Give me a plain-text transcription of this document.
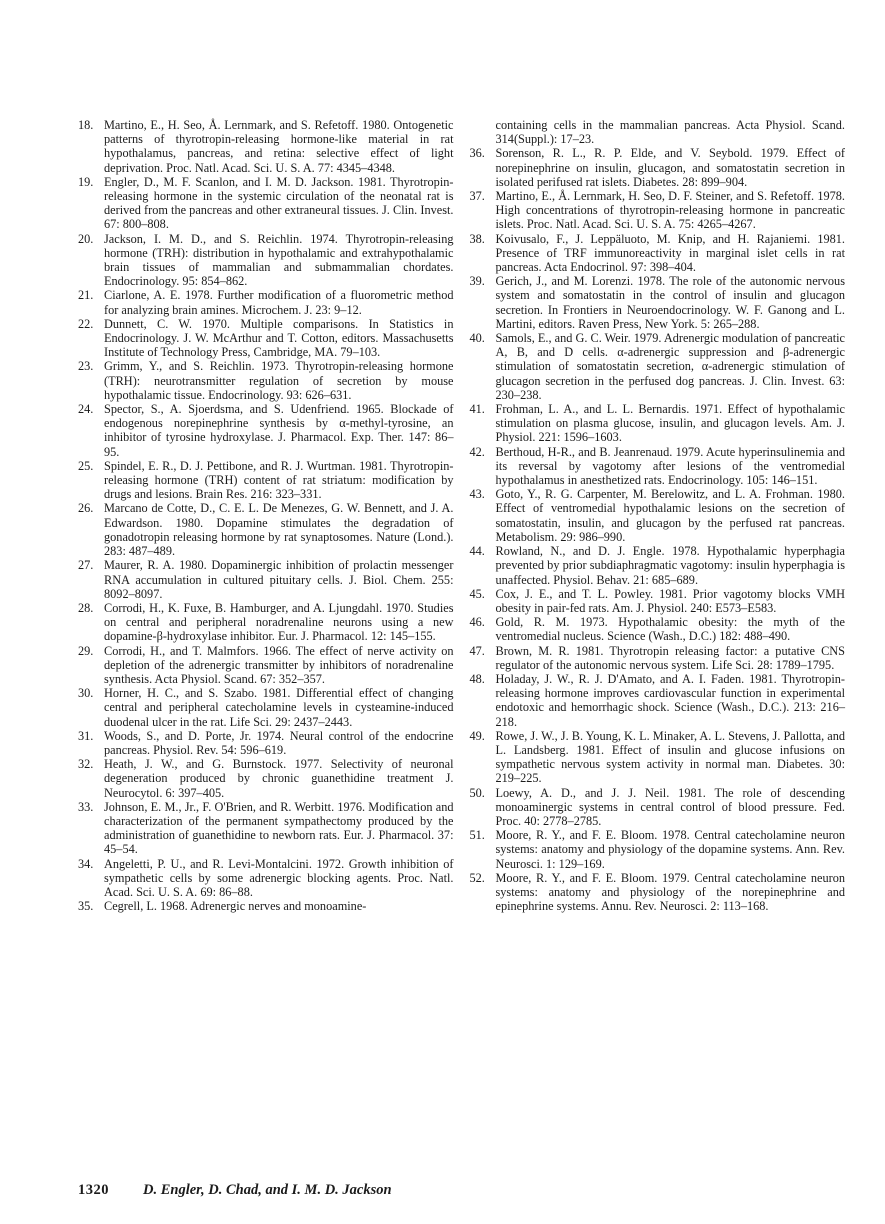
18. Martino, E., H. Seo, Å. Lernmark, and S. Refetoff. 1980. Ontogenetic patterns of thyrotropin-releasing hormone-like material in rat hypothalamus, pancreas, and retina: selective effect of light deprivation. Proc. Natl. Acad. Sci. U. S. A. 77: 4345–4348.
19. Engler, D., M. F. Scanlon, and I. M. D. Jackson. 1981. Thyrotropin-releasing hormone in the systemic circulation of the neonatal rat is derived from the pancreas and other extraneural tissues. J. Clin. Invest. 67: 800–808.
20. Jackson, I. M. D., and S. Reichlin. 1974. Thyrotropin-releasing hormone (TRH): distribution in hypothalamic and extrahypothalamic brain tissues of mammalian and submammalian chordates. Endocrinology. 95: 854–862.
21. Ciarlone, A. E. 1978. Further modification of a fluorometric method for analyzing brain amines. Microchem. J. 23: 9–12.
22. Dunnett, C. W. 1970. Multiple comparisons. In Statistics in Endocrinology. J. W. McArthur and T. Cotton, editors. Massachusetts Institute of Technology Press, Cambridge, MA. 79–103.
23. Grimm, Y., and S. Reichlin. 1973. Thyrotropin-releasing hormone (TRH): neurotransmitter regulation of secretion by mouse hypothalamic tissue. Endocrinology. 93: 626–631.
24. Spector, S., A. Sjoerdsma, and S. Udenfriend. 1965. Blockade of endogenous norepinephrine synthesis by α-methyl-tyrosine, an inhibitor of tyrosine hydroxylase. J. Pharmacol. Exp. Ther. 147: 86–95.
25. Spindel, E. R., D. J. Pettibone, and R. J. Wurtman. 1981. Thyrotropin-releasing hormone (TRH) content of rat striatum: modification by drugs and lesions. Brain Res. 216: 323–331.
26. Marcano de Cotte, D., C. E. L. De Menezes, G. W. Bennett, and J. A. Edwardson. 1980. Dopamine stimulates the degradation of gonadotropin releasing hormone by rat synaptosomes. Nature (Lond.). 283: 487–489.
27. Maurer, R. A. 1980. Dopaminergic inhibition of prolactin messenger RNA accumulation in cultured pituitary cells. J. Biol. Chem. 255: 8092–8097.
28. Corrodi, H., K. Fuxe, B. Hamburger, and A. Ljungdahl. 1970. Studies on central and peripheral noradrenaline neurons using a new dopamine-β-hydroxylase inhibitor. Eur. J. Pharmacol. 12: 145–155.
29. Corrodi, H., and T. Malmfors. 1966. The effect of nerve activity on depletion of the adrenergic transmitter by inhibitors of noradrenaline synthesis. Acta Physiol. Scand. 67: 352–357.
30. Horner, H. C., and S. Szabo. 1981. Differential effect of changing central and peripheral catecholamine levels in cysteamine-induced duodenal ulcer in the rat. Life Sci. 29: 2437–2443.
31. Woods, S., and D. Porte, Jr. 1974. Neural control of the endocrine pancreas. Physiol. Rev. 54: 596–619.
32. Heath, J. W., and G. Burnstock. 1977. Selectivity of neuronal degeneration produced by chronic guanethidine treatment J. Neurocytol. 6: 397–405.
33. Johnson, E. M., Jr., F. O'Brien, and R. Werbitt. 1976. Modification and characterization of the permanent sympathectomy produced by the administration of guanethidine to newborn rats. Eur. J. Pharmacol. 37: 45–54.
34. Angeletti, P. U., and R. Levi-Montalcini. 1972. Growth inhibition of sympathetic cells by some adrenergic blocking agents. Proc. Natl. Acad. Sci. U. S. A. 69: 86–88.
35. Cegrell, L. 1968. Adrenergic nerves and monoamine-
containing cells in the mammalian pancreas. Acta Physiol. Scand. 314(Suppl.): 17–23.
36. Sorenson, R. L., R. P. Elde, and V. Seybold. 1979. Effect of norepinephrine on insulin, glucagon, and somatostatin secretion in isolated perifused rat islets. Diabetes. 28: 899–904.
37. Martino, E., Å. Lernmark, H. Seo, D. F. Steiner, and S. Refetoff. 1978. High concentrations of thyrotropin-releasing hormone in pancreatic islets. Proc. Natl. Acad. Sci. U. S. A. 75: 4265–4267.
38. Koivusalo, F., J. Leppäluoto, M. Knip, and H. Rajaniemi. 1981. Presence of TRF immunoreactivity in marginal islet cells in rat pancreas. Acta Endocrinol. 97: 398–404.
39. Gerich, J., and M. Lorenzi. 1978. The role of the autonomic nervous system and somatostatin in the control of insulin and glucagon secretion. In Frontiers in Neuroendocrinology. W. F. Ganong and L. Martini, editors. Raven Press, New York. 5: 265–288.
40. Samols, E., and G. C. Weir. 1979. Adrenergic modulation of pancreatic A, B, and D cells. α-adrenergic suppression and β-adrenergic stimulation of somatostatin secretion, α-adrenergic stimulation of glucagon secretion in the perfused dog pancreas. J. Clin. Invest. 63: 230–238.
41. Frohman, L. A., and L. L. Bernardis. 1971. Effect of hypothalamic stimulation on plasma glucose, insulin, and glucagon levels. Am. J. Physiol. 221: 1596–1603.
42. Berthoud, H-R., and B. Jeanrenaud. 1979. Acute hyperinsulinemia and its reversal by vagotomy after lesions of the ventromedial hypothalamus in anesthetized rats. Endocrinology. 105: 146–151.
43. Goto, Y., R. G. Carpenter, M. Berelowitz, and L. A. Frohman. 1980. Effect of ventromedial hypothalamic lesions on the secretion of somatostatin, insulin, and glucagon by the perfused rat pancreas. Metabolism. 29: 986–990.
44. Rowland, N., and D. J. Engle. 1978. Hypothalamic hyperphagia prevented by prior subdiaphragmatic vagotomy: insulin hyperphagia is unaffected. Physiol. Behav. 21: 685–689.
45. Cox, J. E., and T. L. Powley. 1981. Prior vagotomy blocks VMH obesity in pair-fed rats. Am. J. Physiol. 240: E573–E583.
46. Gold, R. M. 1973. Hypothalamic obesity: the myth of the ventromedial nucleus. Science (Wash., D.C.) 182: 488–490.
47. Brown, M. R. 1981. Thyrotropin releasing factor: a putative CNS regulator of the autonomic nervous system. Life Sci. 28: 1789–1795.
48. Holaday, J. W., R. J. D'Amato, and A. I. Faden. 1981. Thyrotropin-releasing hormone improves cardiovascular function in experimental endotoxic and hemorrhagic shock. Science (Wash., D.C.). 213: 216–218.
49. Rowe, J. W., J. B. Young, K. L. Minaker, A. L. Stevens, J. Pallotta, and L. Landsberg. 1981. Effect of insulin and glucose infusions on sympathetic nervous system activity in normal man. Diabetes. 30: 219–225.
50. Loewy, A. D., and J. J. Neil. 1981. The role of descending monoaminergic systems in central control of blood pressure. Fed. Proc. 40: 2778–2785.
51. Moore, R. Y., and F. E. Bloom. 1978. Central catecholamine neuron systems: anatomy and physiology of the dopamine systems. Ann. Rev. Neurosci. 1: 129–169.
52. Moore, R. Y., and F. E. Bloom. 1979. Central catecholamine neuron systems: anatomy and physiology of the norepinephrine and epinephrine systems. Annu. Rev. Neurosci. 2: 113–168.
1320 D. Engler, D. Chad, and I. M. D. Jackson
